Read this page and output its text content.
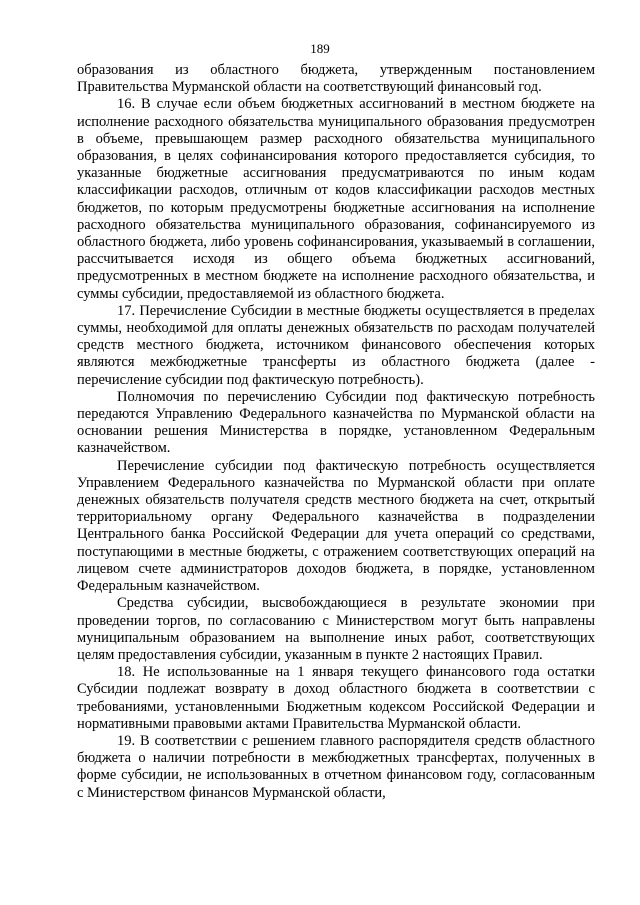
189

образования из областного бюджета, утвержденным постановлением Правительства Мурманской области на соответствующий финансовый год.

16. В случае если объем бюджетных ассигнований в местном бюджете на исполнение расходного обязательства муниципального образования предусмотрен в объеме, превышающем размер расходного обязательства муниципального образования, в целях софинансирования которого предоставляется субсидия, то указанные бюджетные ассигнования предусматриваются по иным кодам классификации расходов, отличным от кодов классификации расходов местных бюджетов, по которым предусмотрены бюджетные ассигнования на исполнение расходного обязательства муниципального образования, софинансируемого из областного бюджета, либо уровень софинансирования, указываемый в соглашении, рассчитывается исходя из общего объема бюджетных ассигнований, предусмотренных в местном бюджете на исполнение расходного обязательства, и суммы субсидии, предоставляемой из областного бюджета.

17. Перечисление Субсидии в местные бюджеты осуществляется в пределах суммы, необходимой для оплаты денежных обязательств по расходам получателей средств местного бюджета, источником финансового обеспечения которых являются межбюджетные трансферты из областного бюджета (далее - перечисление субсидии под фактическую потребность).

Полномочия по перечислению Субсидии под фактическую потребность передаются Управлению Федерального казначейства по Мурманской области на основании решения Министерства в порядке, установленном Федеральным казначейством.

Перечисление субсидии под фактическую потребность осуществляется Управлением Федерального казначейства по Мурманской области при оплате денежных обязательств получателя средств местного бюджета на счет, открытый территориальному органу Федерального казначейства в подразделении Центрального банка Российской Федерации для учета операций со средствами, поступающими в местные бюджеты, с отражением соответствующих операций на лицевом счете администраторов доходов бюджета, в порядке, установленном Федеральным казначейством.

Средства субсидии, высвобождающиеся в результате экономии при проведении торгов, по согласованию с Министерством могут быть направлены муниципальным образованием на выполнение иных работ, соответствующих целям предоставления субсидии, указанным в пункте 2 настоящих Правил.

18. Не использованные на 1 января текущего финансового года остатки Субсидии подлежат возврату в доход областного бюджета в соответствии с требованиями, установленными Бюджетным кодексом Российской Федерации и нормативными правовыми актами Правительства Мурманской области.

19. В соответствии с решением главного распорядителя средств областного бюджета о наличии потребности в межбюджетных трансфертах, полученных в форме субсидии, не использованных в отчетном финансовом году, согласованным с Министерством финансов Мурманской области,
